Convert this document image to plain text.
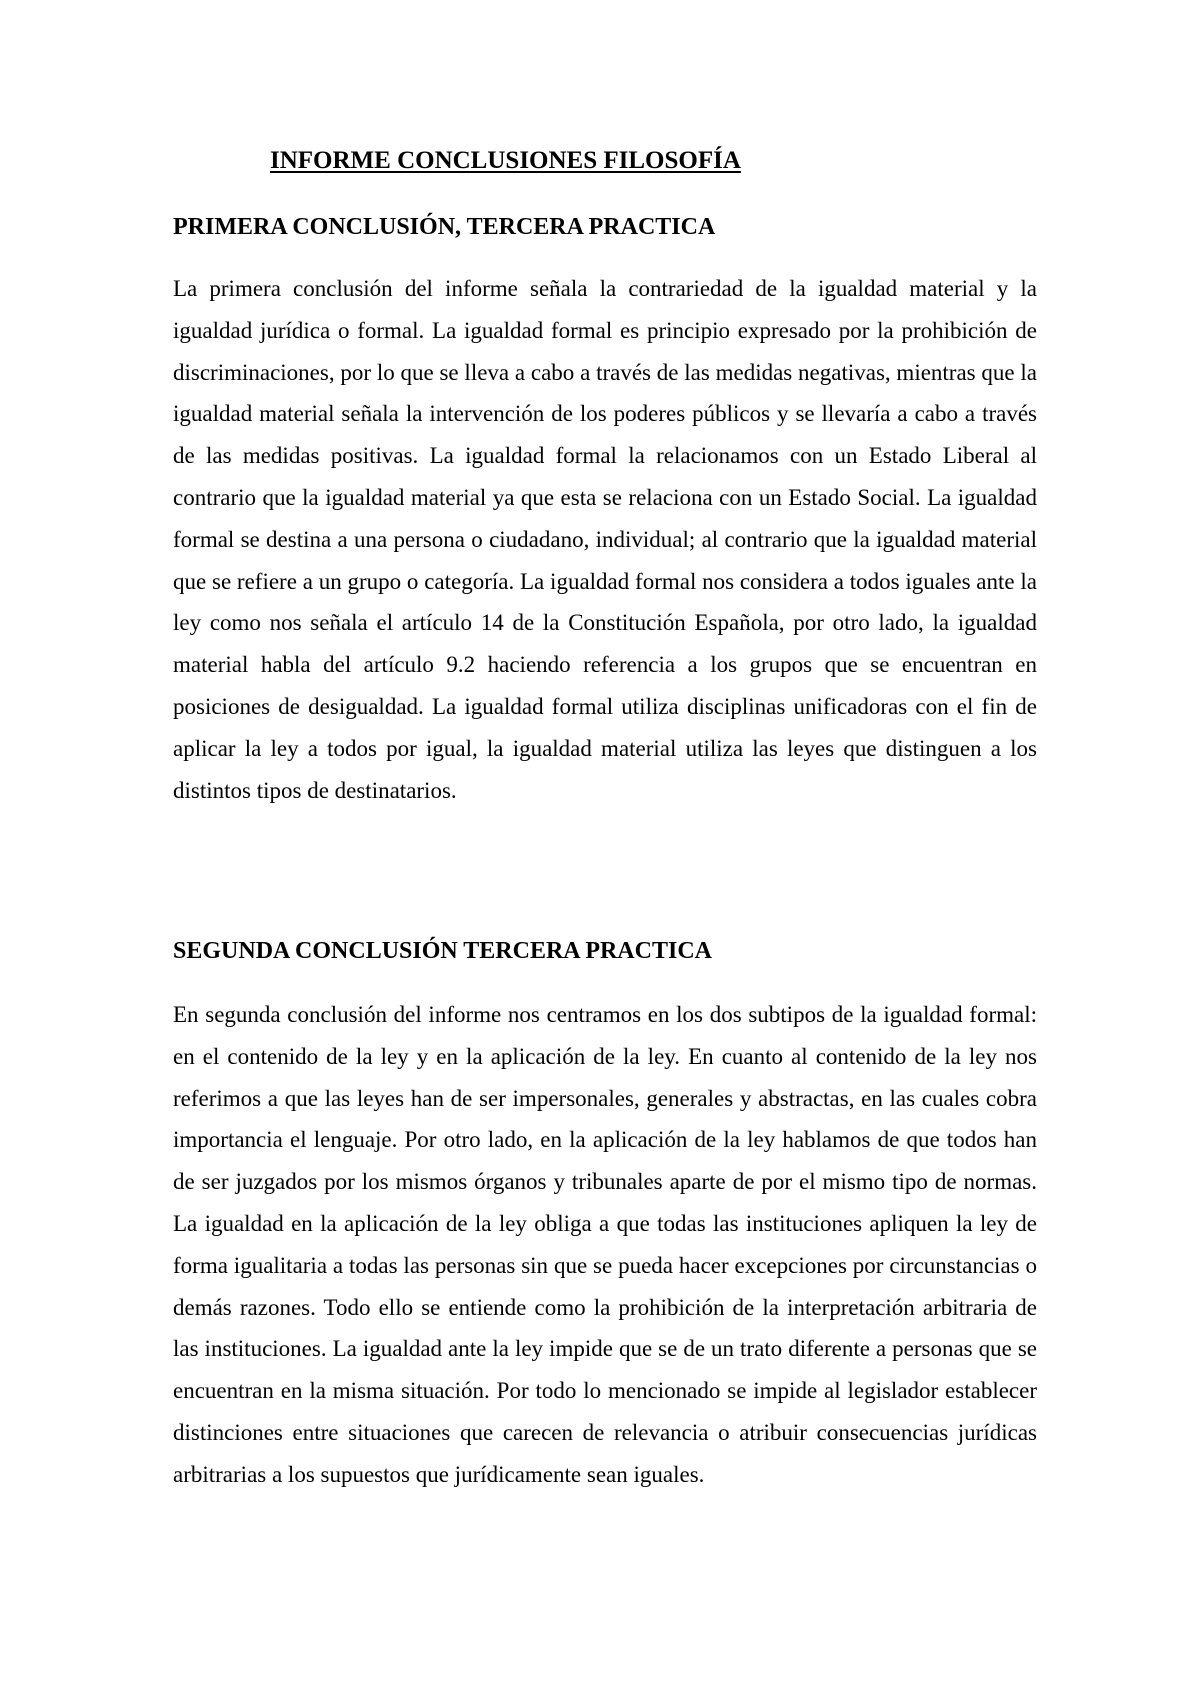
INFORME CONCLUSIONES FILOSOFÍA
PRIMERA CONCLUSIÓN, TERCERA PRACTICA

La primera conclusión del informe señala la contrariedad de la igualdad material y la igualdad jurídica o formal. La igualdad formal es principio expresado por la prohibición de discriminaciones, por lo que se lleva a cabo a través de las medidas negativas, mientras que la igualdad material señala la intervención de los poderes públicos y se llevaría a cabo a través de las medidas positivas. La igualdad formal la relacionamos con un Estado Liberal al contrario que la igualdad material ya que esta se relaciona con un Estado Social. La igualdad formal se destina a una persona o ciudadano, individual; al contrario que la igualdad material que se refiere a un grupo o categoría. La igualdad formal nos considera a todos iguales ante la ley como nos señala el artículo 14 de la Constitución Española, por otro lado, la igualdad material habla del artículo 9.2 haciendo referencia a los grupos que se encuentran en posiciones de desigualdad. La igualdad formal utiliza disciplinas unificadoras con el fin de aplicar la ley a todos por igual, la igualdad material utiliza las leyes que distinguen a los distintos tipos de destinatarios.

SEGUNDA CONCLUSIÓN TERCERA PRACTICA

En segunda conclusión del informe nos centramos en los dos subtipos de la igualdad formal: en el contenido de la ley y en la aplicación de la ley. En cuanto al contenido de la ley nos referimos a que las leyes han de ser impersonales, generales y abstractas, en las cuales cobra importancia el lenguaje. Por otro lado, en la aplicación de la ley hablamos de que todos han de ser juzgados por los mismos órganos y tribunales aparte de por el mismo tipo de normas. La igualdad en la aplicación de la ley obliga a que todas las instituciones apliquen la ley de forma igualitaria a todas las personas sin que se pueda hacer excepciones por circunstancias o demás razones. Todo ello se entiende como la prohibición de la interpretación arbitraria de las instituciones. La igualdad ante la ley impide que se de un trato diferente a personas que se encuentran en la misma situación. Por todo lo mencionado se impide al legislador establecer distinciones entre situaciones que carecen de relevancia o atribuir consecuencias jurídicas arbitrarias a los supuestos que jurídicamente sean iguales.
